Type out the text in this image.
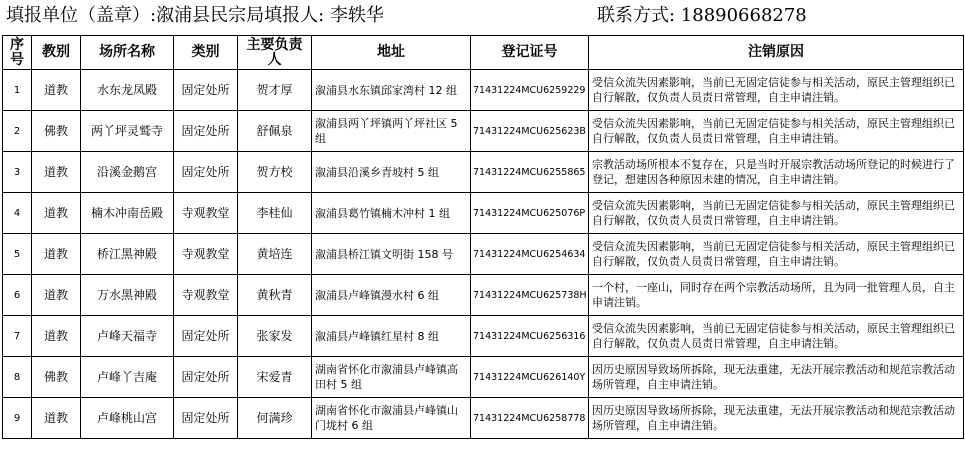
填报单位（盖章）:溆浦县民宗局填报人: 李轶华	联系方式: 18890668278
序号	教别	场所名称	类别	主要负责人	地址	登记证号	注销原因
1	道教	水东龙凤殿	固定处所	贺才厚	溆浦县水东镇邱家湾村 12 组	71431224MCU6259229	受信众流失因素影响，当前已无固定信徒参与相关活动，原民主管理组织已自行解散，仅负责人员责日常管理，自主申请注销。
2	佛教	两丫坪灵鹫寺	固定处所	舒佩泉	溆浦县两丫坪镇两丫坪社区 5 组	71431224MCU625623B	受信众流失因素影响，当前已无固定信徒参与相关活动，原民主管理组织已自行解散，仅负责人员责日常管理，自主申请注销。
3	道教	沿溪金鹅宫	固定处所	贺方校	溆浦县沿溪乡青坡村 5 组	71431224MCU6255865	宗教活动场所根本不复存在，只是当时开展宗教活动场所登记的时候进行了登记，想建因各种原因未建的情况，自主申请注销。
4	道教	楠木冲南岳殿	寺观教堂	李桂仙	溆浦县葛竹镇楠木冲村 1 组	71431224MCU625076P	受信众流失因素影响，当前已无固定信徒参与相关活动，原民主管理组织已自行解散，仅负责人员责日常管理，自主申请注销。
5	道教	桥江黑神殿	寺观教堂	黄培连	溆浦县桥江镇文明街 158 号	71431224MCU6254634	受信众流失因素影响，当前已无固定信徒参与相关活动，原民主管理组织已自行解散，仅负责人员责日常管理，自主申请注销。
6	道教	万水黑神殿	寺观教堂	黄秋青	溆浦县卢峰镇漫水村 6 组	71431224MCU625738H	一个村，一座山，同时存在两个宗教活动场所，且为同一批管理人员，自主申请注销。
7	道教	卢峰天福寺	固定处所	张家发	溆浦县卢峰镇红星村 8 组	71431224MCU6256316	受信众流失因素影响，当前已无固定信徒参与相关活动，原民主管理组织已自行解散，仅负责人员责日常管理，自主申请注销。
8	佛教	卢峰丫吉庵	固定处所	宋爱青	湖南省怀化市溆浦县卢峰镇高田村 5 组	71431224MCU626140Y	因历史原因导致场所拆除，现无法重建，无法开展宗教活动和规范宗教活动场所管理，自主申请注销。
9	道教	卢峰桃山宫	固定处所	何满珍	湖南省怀化市溆浦县卢峰镇山门垅村 6 组	71431224MCU6258778	因历史原因导致场所拆除，现无法重建，无法开展宗教活动和规范宗教活动场所管理，自主申请注销。
